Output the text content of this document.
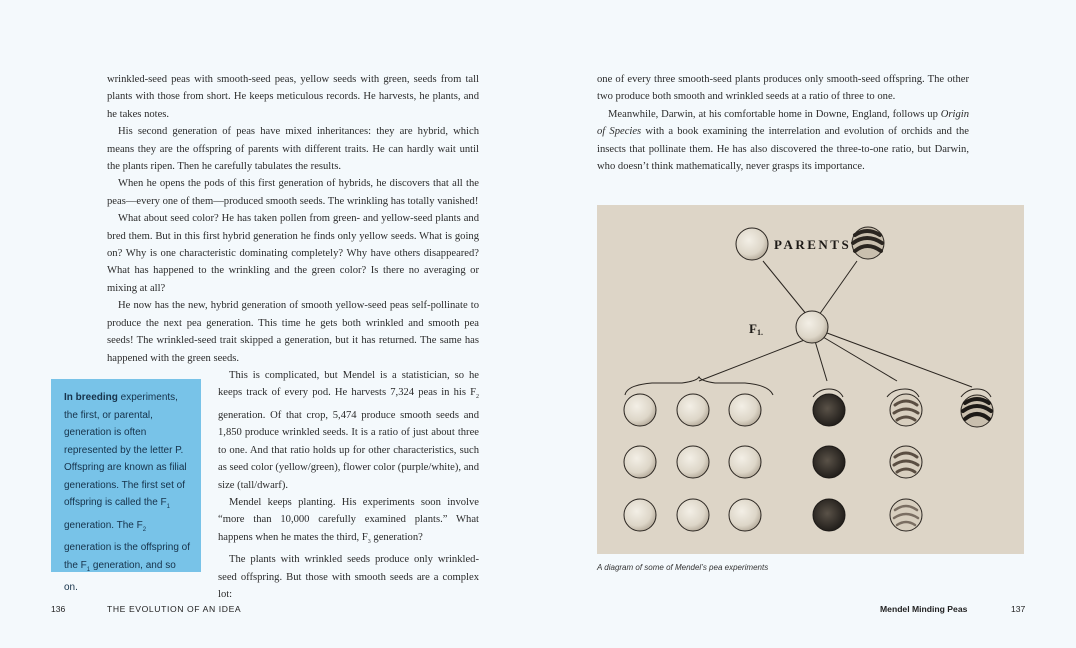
wrinkled-seed peas with smooth-seed peas, yellow seeds with green, seeds from tall plants with those from short. He keeps meticulous records. He harvests, he plants, and he takes notes.

His second generation of peas have mixed inheritances: they are hybrid, which means they are the offspring of parents with different traits. He can hardly wait until the plants ripen. Then he carefully tabulates the results.

When he opens the pods of this first generation of hybrids, he discovers that all the peas—every one of them—produced smooth seeds. The wrinkling has totally vanished!

What about seed color? He has taken pollen from green- and yellow-seed plants and bred them. But in this first hybrid generation he finds only yellow seeds. What is going on? Why is one characteristic dominating completely? Why have others disappeared? What has happened to the wrinkling and the green color? Is there no averaging or mixing at all?

He now has the new, hybrid generation of smooth yellow-seed peas self-pollinate to produce the next pea generation. This time he gets both wrinkled and smooth pea seeds! The wrinkled-seed trait skipped a generation, but it has returned. The same has happened with the green seeds.

In breeding experiments, the first, or parental, generation is often represented by the letter P. Offspring are known as filial generations. The first set of offspring is called the $F_1$ generation. The $F_2$ generation is the offspring of the $F_1$ generation, and so on.

This is complicated, but Mendel is a statistician, so he keeps track of every pod. He harvests 7,324 peas in his $F_2$ generation. Of that crop, 5,474 produce smooth seeds and 1,850 produce wrinkled seeds. It is a ratio of just about three to one. And that ratio holds up for other characteristics, such as seed color (yellow/green), flower color (purple/white), and size (tall/dwarf).

Mendel keeps planting. His experiments soon involve “more than 10,000 carefully examined plants.” What happens when he mates the third, $F_3$ generation?

The plants with wrinkled seeds produce only wrinkled-seed offspring. But those with smooth seeds are a complex lot:

136	THE EVOLUTION OF AN IDEA

one of every three smooth-seed plants produces only smooth-seed offspring. The other two produce both smooth and wrinkled seeds at a ratio of three to one.

Meanwhile, Darwin, at his comfortable home in Downe, England, follows up Origin of Species with a book examining the interrelation and evolution of orchids and the insects that pollinate them. He has also discovered the three-to-one ratio, but Darwin, who doesn’t think mathematically, never grasps its importance.

PARENTS
F1.
A diagram of some of Mendel’s pea experiments
Mendel Minding Peas	137
